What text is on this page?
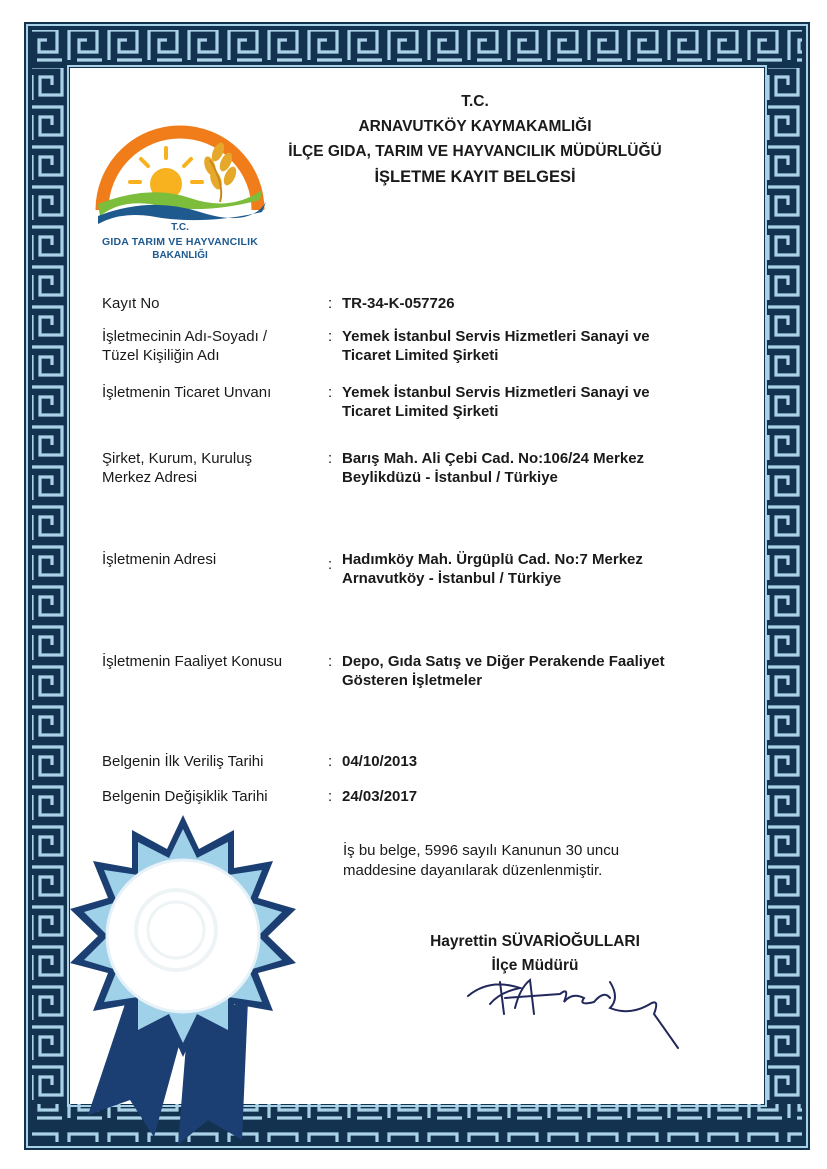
T.C.
GIDA TARIM VE HAYVANCILIK
BAKANLIĞI
T.C.
ARNAVUTKÖY KAYMAKAMLIĞI
İLÇE GIDA, TARIM VE HAYVANCILIK MÜDÜRLÜĞÜ
İŞLETME KAYIT BELGESİ
Kayıt No	: TR-34-K-057726
İşletmecinin Adı-Soyadı / Tüzel Kişiliğin Adı
: Yemek İstanbul Servis Hizmetleri Sanayi ve Ticaret Limited Şirketi
İşletmenin Ticaret Unvanı	: Yemek İstanbul Servis Hizmetleri Sanayi ve Ticaret Limited Şirketi
Şirket, Kurum, Kuruluş Merkez Adresi
: Barış Mah. Ali Çebi Cad. No:106/24 Merkez Beylikdüzü - İstanbul / Türkiye
İşletmenin Adresi	: Hadımköy Mah. Ürgüplü Cad. No:7 Merkez Arnavutköy - İstanbul / Türkiye
İşletmenin Faaliyet Konusu	: Depo, Gıda Satış ve Diğer Perakende Faaliyet Gösteren İşletmeler
Belgenin İlk Veriliş Tarihi	: 04/10/2013
Belgenin Değişiklik Tarihi	: 24/03/2017
İş bu belge, 5996 sayılı Kanunun 30 uncu maddesine dayanılarak düzenlenmiştir.
Hayrettin SÜVARİOĞULLARI
İlçe Müdürü
